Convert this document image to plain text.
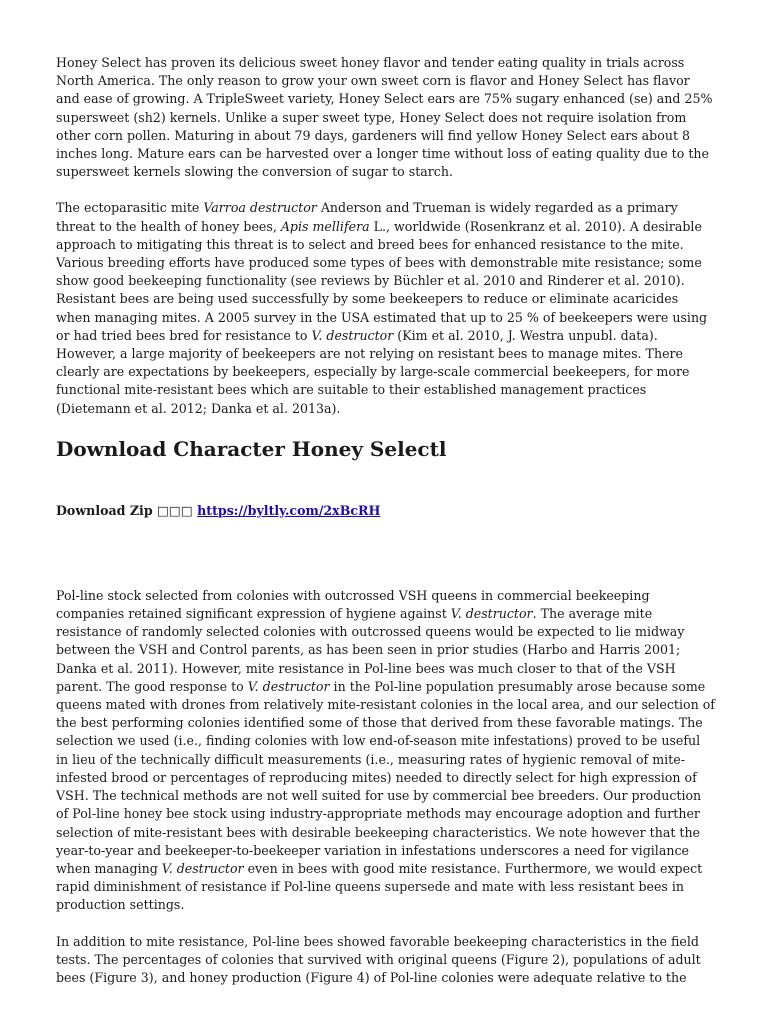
Honey Select has proven its delicious sweet honey flavor and tender eating quality in trials across North America. The only reason to grow your own sweet corn is flavor and Honey Select has flavor and ease of growing. A TripleSweet variety, Honey Select ears are 75% sugary enhanced (se) and 25% supersweet (sh2) kernels. Unlike a super sweet type, Honey Select does not require isolation from other corn pollen. Maturing in about 79 days, gardeners will find yellow Honey Select ears about 8 inches long. Mature ears can be harvested over a longer time without loss of eating quality due to the supersweet kernels slowing the conversion of sugar to starch.

The ectoparasitic mite Varroa destructor Anderson and Trueman is widely regarded as a primary threat to the health of honey bees, Apis mellifera L., worldwide (Rosenkranz et al. 2010). A desirable approach to mitigating this threat is to select and breed bees for enhanced resistance to the mite. Various breeding efforts have produced some types of bees with demonstrable mite resistance; some show good beekeeping functionality (see reviews by Büchler et al. 2010 and Rinderer et al. 2010). Resistant bees are being used successfully by some beekeepers to reduce or eliminate acaricides when managing mites. A 2005 survey in the USA estimated that up to 25 % of beekeepers were using or had tried bees bred for resistance to V. destructor (Kim et al. 2010, J. Westra unpubl. data). However, a large majority of beekeepers are not relying on resistant bees to manage mites. There clearly are expectations by beekeepers, especially by large-scale commercial beekeepers, for more functional mite-resistant bees which are suitable to their established management practices (Dietemann et al. 2012; Danka et al. 2013a).

Download Character Honey Selectl
Download Zip □□□ https://byltly.com/2xBcRH

Pol-line stock selected from colonies with outcrossed VSH queens in commercial beekeeping companies retained significant expression of hygiene against V. destructor. The average mite resistance of randomly selected colonies with outcrossed queens would be expected to lie midway between the VSH and Control parents, as has been seen in prior studies (Harbo and Harris 2001; Danka et al. 2011). However, mite resistance in Pol-line bees was much closer to that of the VSH parent. The good response to V. destructor in the Pol-line population presumably arose because some queens mated with drones from relatively mite-resistant colonies in the local area, and our selection of the best performing colonies identified some of those that derived from these favorable matings. The selection we used (i.e., finding colonies with low end-of-season mite infestations) proved to be useful in lieu of the technically difficult measurements (i.e., measuring rates of hygienic removal of mite-infested brood or percentages of reproducing mites) needed to directly select for high expression of VSH. The technical methods are not well suited for use by commercial bee breeders. Our production of Pol-line honey bee stock using industry-appropriate methods may encourage adoption and further selection of mite-resistant bees with desirable beekeeping characteristics. We note however that the year-to-year and beekeeper-to-beekeeper variation in infestations underscores a need for vigilance when managing V. destructor even in bees with good mite resistance. Furthermore, we would expect rapid diminishment of resistance if Pol-line queens supersede and mate with less resistant bees in production settings.

In addition to mite resistance, Pol-line bees showed favorable beekeeping characteristics in the field tests. The percentages of colonies that survived with original queens (Figure 2), populations of adult bees (Figure 3), and honey production (Figure 4) of Pol-line colonies were adequate relative to the
